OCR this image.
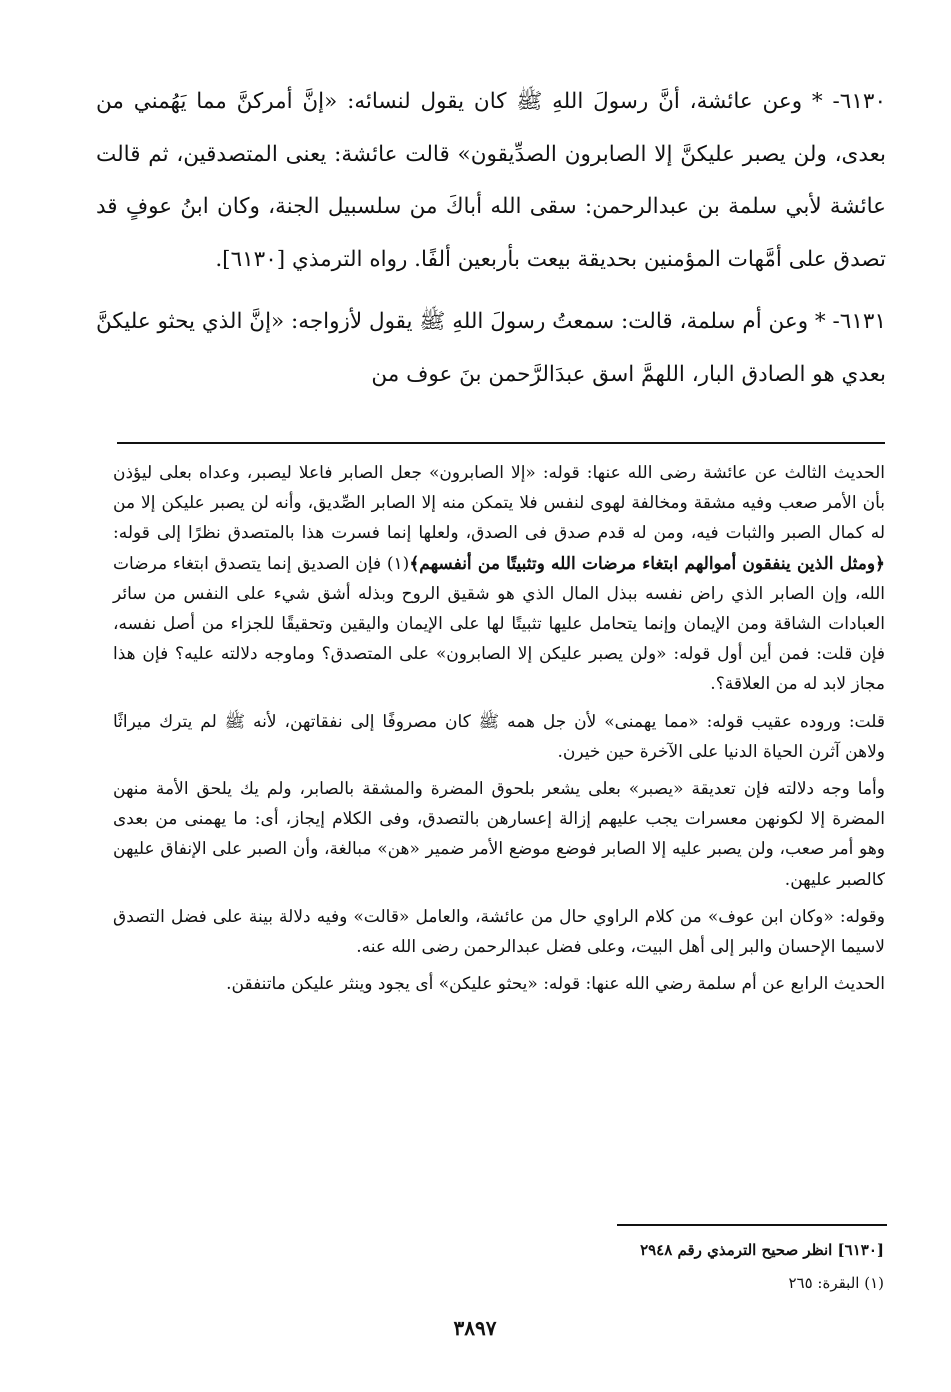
٦١٣٠- * وعن عائشة، أنَّ رسولَ اللهِ ﷺ كان يقول لنسائه: «إنَّ أمركنَّ مما يَهُمني من بعدى، ولن يصبر عليكنَّ إلا الصابرون الصدِّيقون» قالت عائشة: يعنى المتصدقين، ثم قالت عائشة لأبي سلمة بن عبدالرحمن: سقى الله أباكَ من سلسبيل الجنة، وكان ابنُ عوفٍ قد تصدق على أمَّهات المؤمنين بحديقة بيعت بأربعين ألفًا. رواه الترمذي [٦١٣٠].

٦١٣١- * وعن أم سلمة، قالت: سمعتُ رسولَ اللهِ ﷺ يقول لأزواجه: «إنَّ الذي يحثو عليكنَّ بعدي هو الصادق البار، اللهمَّ اسق عبدَالرَّحمن بنَ عوف من

الحديث الثالث عن عائشة رضى الله عنها: قوله: «إلا الصابرون» جعل الصابر فاعلا ليصبر، وعداه بعلى ليؤذن بأن الأمر صعب وفيه مشقة ومخالفة لهوى لنفس فلا يتمكن منه إلا الصابر الصِّديق، وأنه لن يصبر عليكن إلا من له كمال الصبر والثبات فيه، ومن له قدم صدق فى الصدق، ولعلها إنما فسرت هذا بالمتصدق نظرًا إلى قوله:﴿ومثل الذين ينفقون أموالهم ابتغاء مرضات الله وتثبيتًا من أنفسهم﴾(١) فإن الصديق إنما يتصدق ابتغاء مرضات الله، وإن الصابر الذي راض نفسه ببذل المال الذي هو شقيق الروح وبذله أشق شيء على النفس من سائر العبادات الشاقة ومن الإيمان وإنما يتحامل عليها تثبيتًا لها على الإيمان واليقين وتحقيقًا للجزاء من أصل نفسه، فإن قلت: فمن أين أول قوله: «ولن يصبر عليكن إلا الصابرون» على المتصدق؟ وماوجه دلالته عليه؟ فإن هذا مجاز لابد له من العلاقة؟.

قلت: وروده عقيب قوله: «مما يهمنى» لأن جل همه ﷺ كان مصروفًا إلى نفقاتهن، لأنه ﷺ لم يترك ميراثًا ولاهن آثرن الحياة الدنيا على الآخرة حين خيرن.

وأما وجه دلالته فإن تعديقة «يصبر» بعلى يشعر بلحوق المضرة والمشقة بالصابر، ولم يك يلحق الأمة منهن المضرة إلا لكونهن معسرات يجب عليهم إزالة إعسارهن بالتصدق، وفى الكلام إيجاز، أى: ما يهمنى من بعدى وهو أمر صعب، ولن يصبر عليه إلا الصابر فوضع موضع الأمر ضمير «هن» مبالغة، وأن الصبر على الإنفاق عليهن كالصبر عليهن.

وقوله: «وكان ابن عوف» من كلام الراوي حال من عائشة، والعامل «قالت» وفيه دلالة بينة على فضل التصدق لاسيما الإحسان والبر إلى أهل البيت، وعلى فضل عبدالرحمن رضى الله عنه.

الحديث الرابع عن أم سلمة رضي الله عنها: قوله: «يحثو عليكن» أى يجود وينثر عليكن ماتنفقن.

[٦١٣٠] انظر صحيح الترمذي رقم ٢٩٤٨
(١) البقرة: ٢٦٥
٣٨٩٧
